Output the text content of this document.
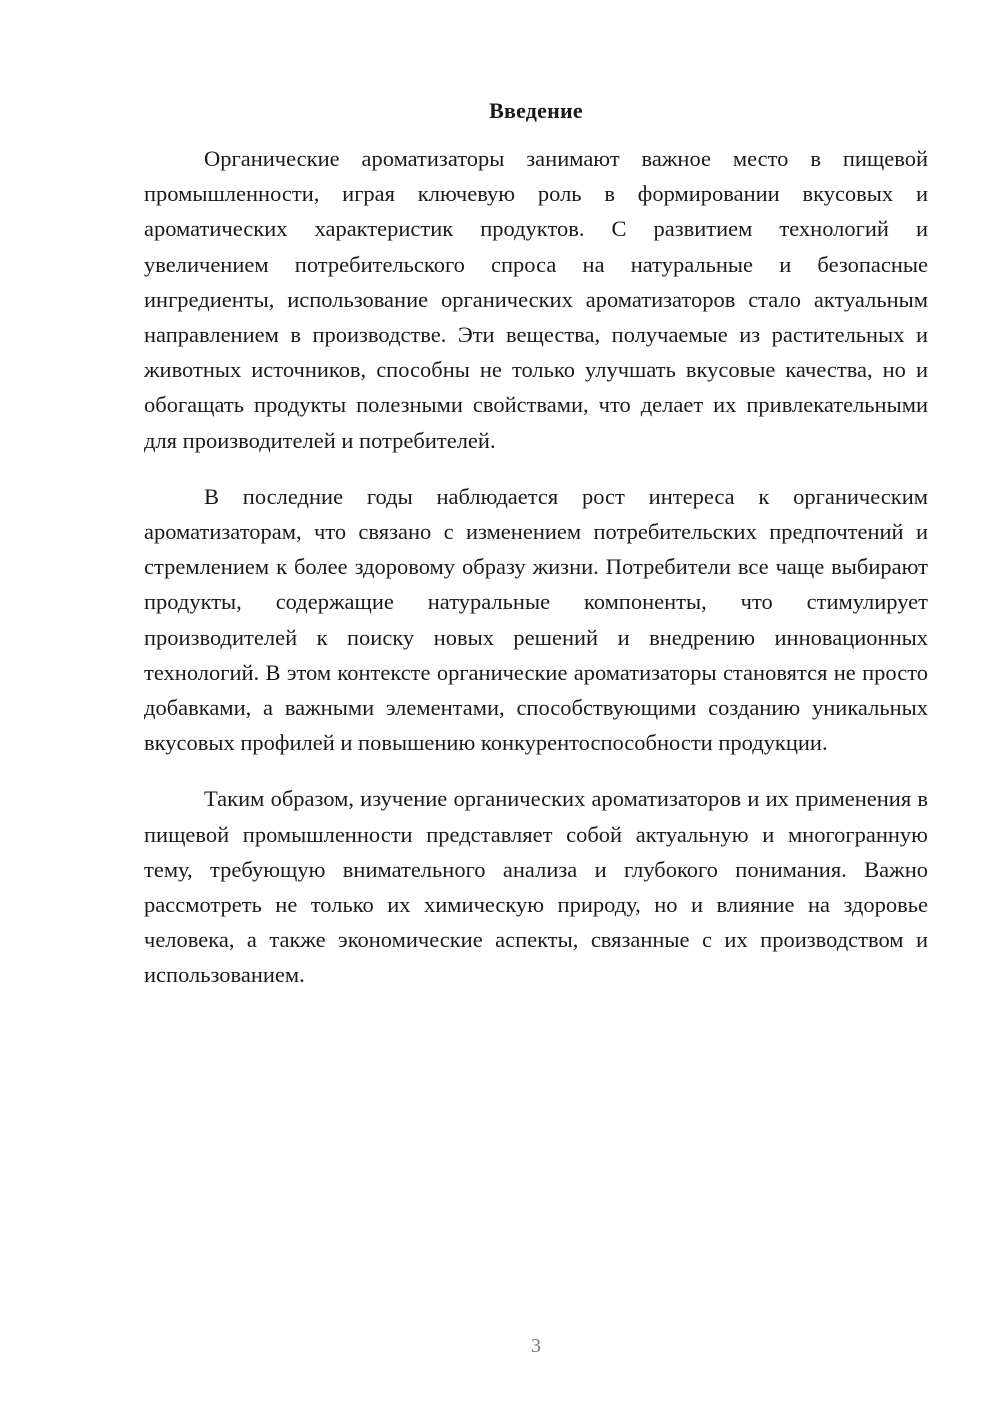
Введение

Органические ароматизаторы занимают важное место в пищевой промышленности, играя ключевую роль в формировании вкусовых и ароматических характеристик продуктов. С развитием технологий и увеличением потребительского спроса на натуральные и безопасные ингредиенты, использование органических ароматизаторов стало актуальным направлением в производстве. Эти вещества, получаемые из растительных и животных источников, способны не только улучшать вкусовые качества, но и обогащать продукты полезными свойствами, что делает их привлекательными для производителей и потребителей.

В последние годы наблюдается рост интереса к органическим ароматизаторам, что связано с изменением потребительских предпочтений и стремлением к более здоровому образу жизни. Потребители все чаще выбирают продукты, содержащие натуральные компоненты, что стимулирует производителей к поиску новых решений и внедрению инновационных технологий. В этом контексте органические ароматизаторы становятся не просто добавками, а важными элементами, способствующими созданию уникальных вкусовых профилей и повышению конкурентоспособности продукции.

Таким образом, изучение органических ароматизаторов и их применения в пищевой промышленности представляет собой актуальную и многогранную тему, требующую внимательного анализа и глубокого понимания. Важно рассмотреть не только их химическую природу, но и влияние на здоровье человека, а также экономические аспекты, связанные с их производством и использованием.

3
